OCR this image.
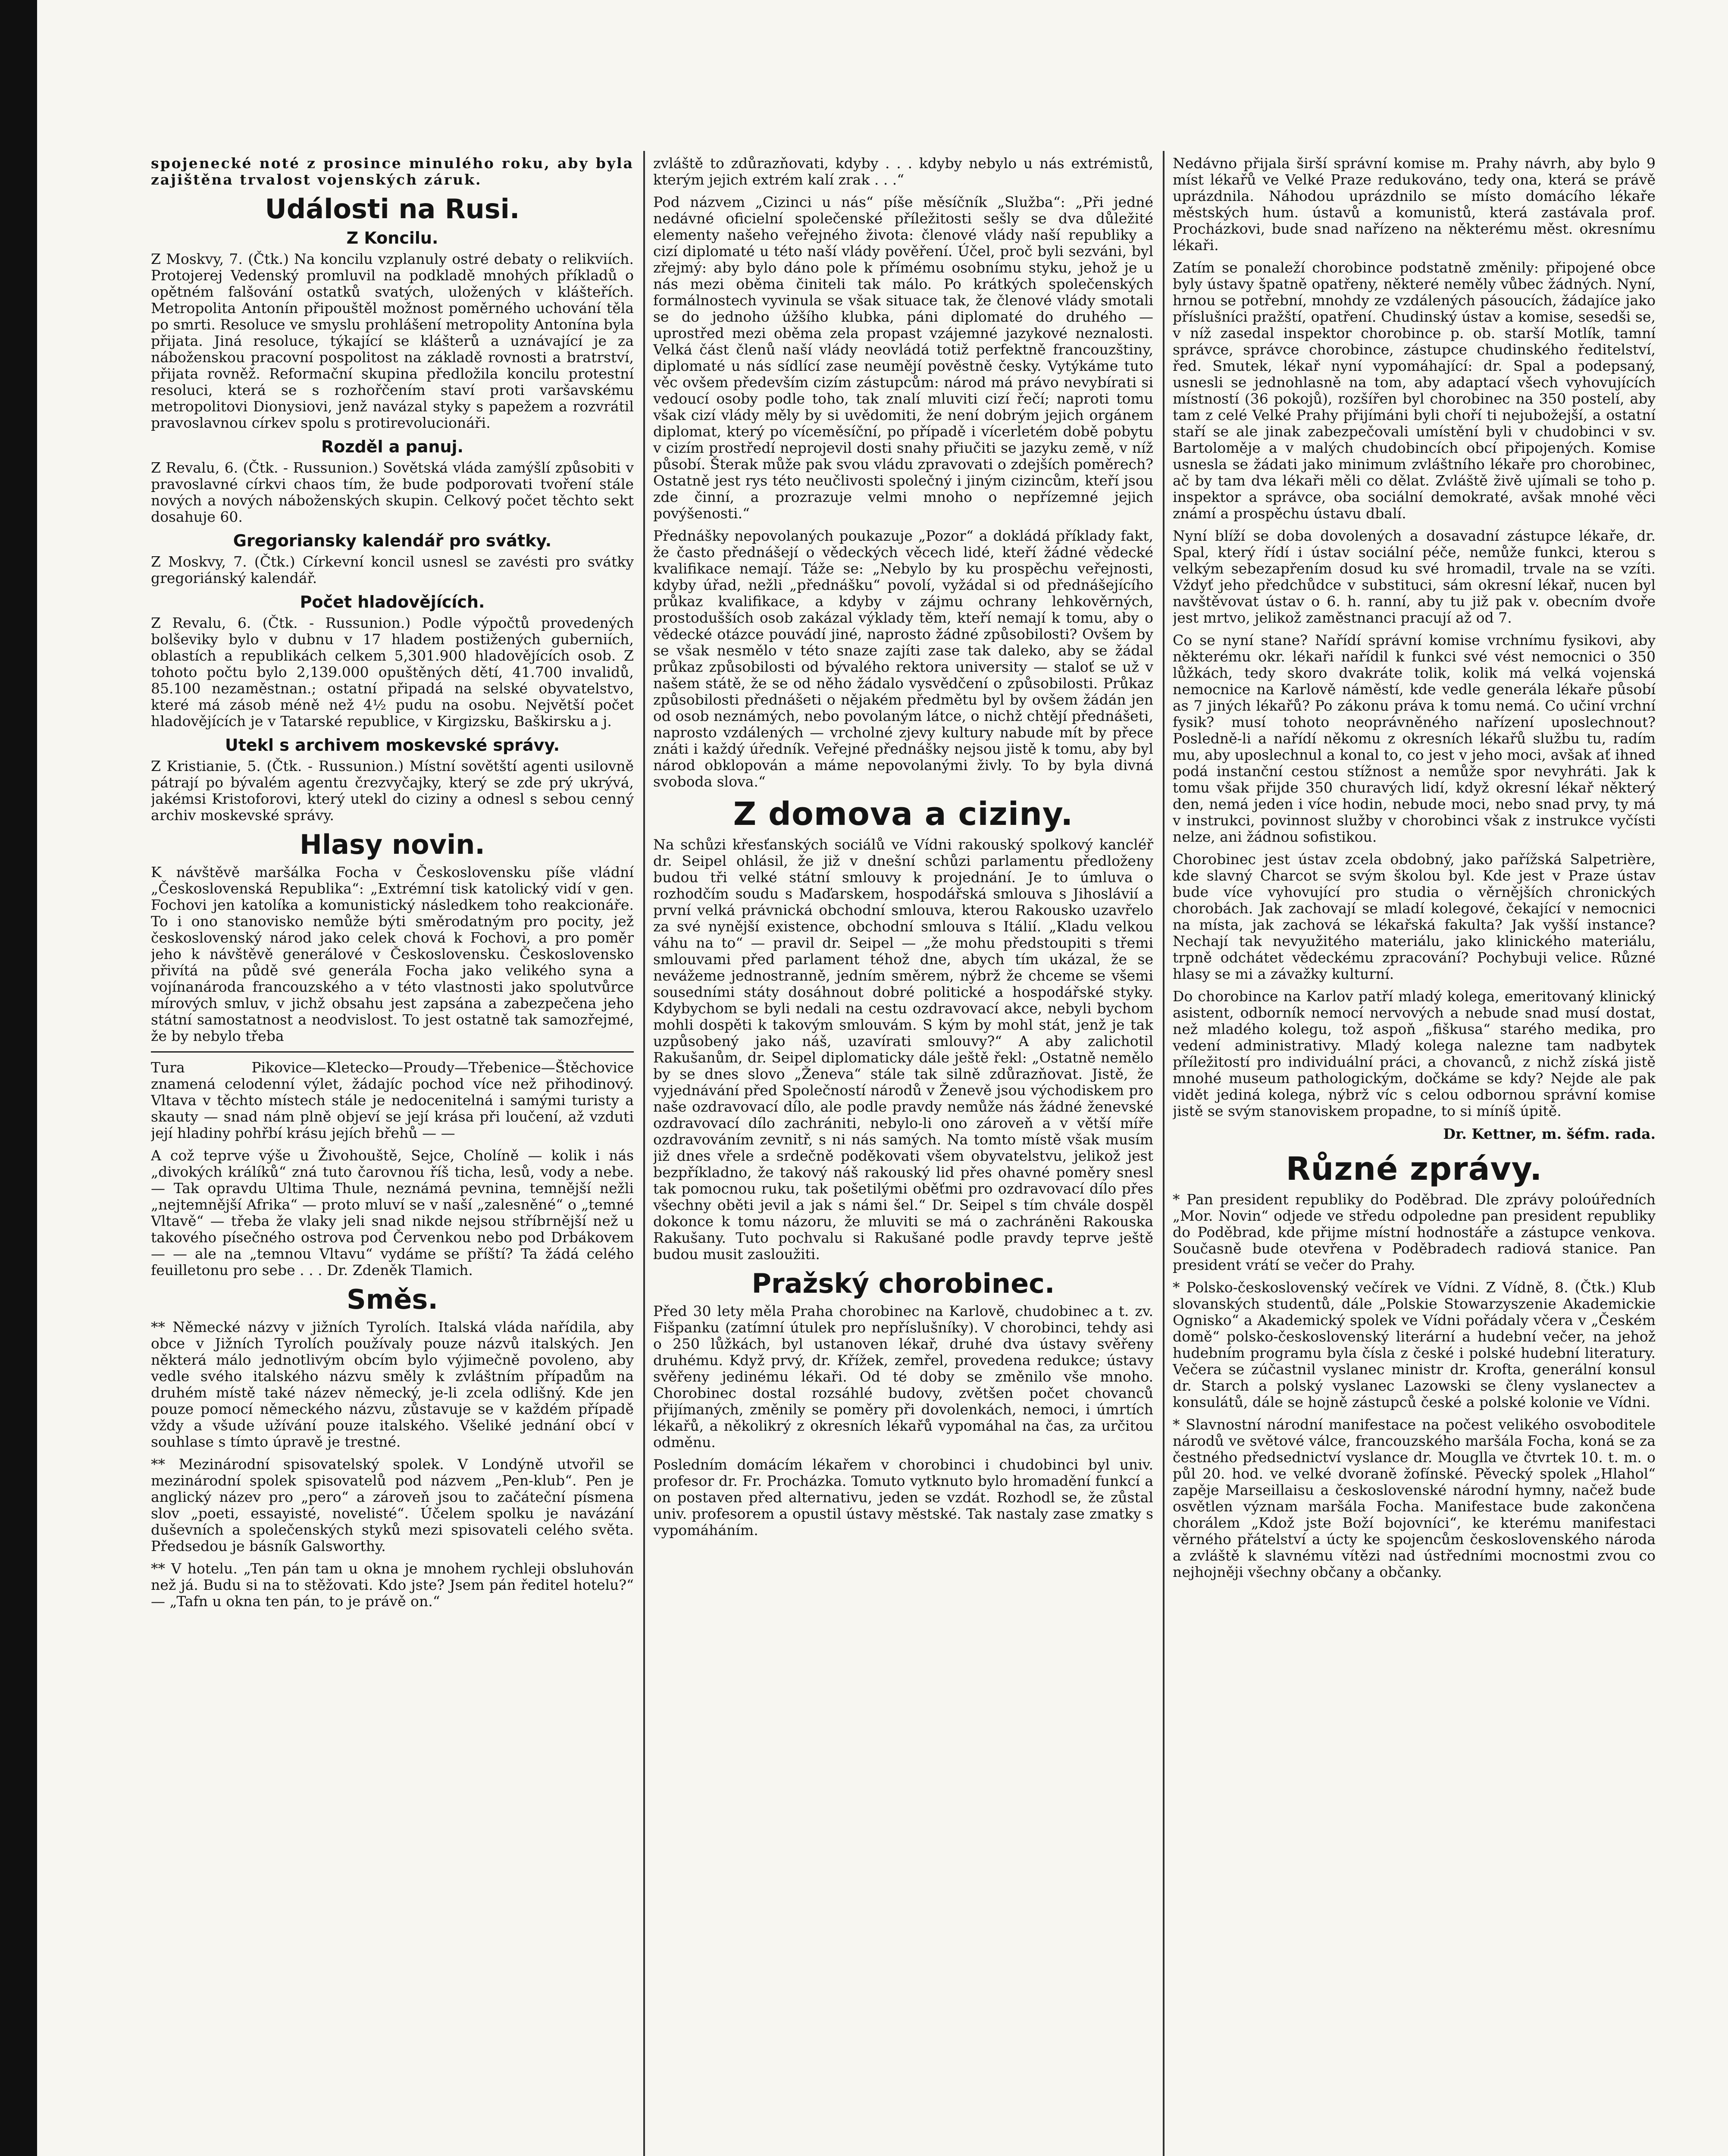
spojenecké noté z prosince minulého roku, aby byla zajištěna trvalost vojenských záruk.

Události na Rusi.
Z Koncilu.

Z Moskvy, 7. (Čtk.) Na koncilu vzplanuly ostré debaty o relikviích. Protojerej Vedenský promluvil na podkladě mnohých příkladů o opětném falšování ostatků svatých, uložených v klášteřích. Metropolita Antonín připouštěl možnost poměrného uchování těla po smrti. Resoluce ve smyslu prohlášení metropolity Antonína byla přijata. Jiná resoluce, týkající se klášterů a uznávající je za náboženskou pracovní pospolitost na základě rovnosti a bratrství, přijata rovněž. Reformační skupina předložila koncilu protestní resoluci, která se s rozhořčením staví proti varšavskému metropolitovi Dionysiovi, jenž navázal styky s papežem a rozvrátil pravoslavnou církev spolu s protirevolucionáři.

Rozděl a panuj.

Z Revalu, 6. (Čtk. - Russunion.) Sovětská vláda zamýšlí způsobiti v pravoslavné církvi chaos tím, že bude podporovati tvoření stále nových a nových náboženských skupin. Celkový počet těchto sekt dosahuje 60.

Gregoriansky kalendář pro svátky.

Z Moskvy, 7. (Čtk.) Církevní koncil usnesl se zavésti pro svátky gregoriánský kalendář.

Počet hladovějících.

Z Revalu, 6. (Čtk. - Russunion.) Podle výpočtů provedených bolševiky bylo v dubnu v 17 hladem postižených guberniích, oblastích a republikách celkem 5,301.900 hladovějících osob. Z tohoto počtu bylo 2,139.000 opuštěných dětí, 41.700 invalidů, 85.100 nezaměstnan.; ostatní připadá na selské obyvatelstvo, které má zásob méně než 4½ pudu na osobu. Největší počet hladovějících je v Tatarské republice, v Kirgizsku, Baškirsku a j.

Utekl s archivem moskevské správy.

Z Kristianie, 5. (Čtk. - Russunion.) Místní sovětští agenti usilovně pátrají po bývalém agentu črezvyčajky, který se zde prý ukrývá, jakémsi Kristoforovi, který utekl do ciziny a odnesl s sebou cenný archiv moskevské správy.

Hlasy novin.

K návštěvě maršálka Focha v Československu píše vládní „Československá Republika“: „Extrémní tisk katolický vidí v gen. Fochovi jen katolíka a komunistický následkem toho reakcionáře. To i ono stanovisko nemůže býti směrodatným pro pocity, jež československý národ jako celek chová k Fochovi, a pro poměr jeho k návštěvě generálové v Československu. Československo přivítá na půdě své generála Focha jako velikého syna a vojínanároda francouzského a v této vlastnosti jako spolutvůrce mírových smluv, v jichž obsahu jest zapsána a zabezpečena jeho státní samostatnost a neodvislost. To jest ostatně tak samozřejmé, že by nebylo třeba

Tura Pikovice—Kletecko—Proudy—Třebenice—Štěchovice znamená celodenní výlet, žádajíc pochod více než přihodinový. Vltava v těchto místech stále je nedocenitelná i samými turisty a skauty — snad nám plně objeví se její krása při loučení, až vzduti její hladiny pohřbí krásu jejích břehů — —

A což teprve výše u Živohouště, Sejce, Cholíně — kolik i nás „divokých králíků“ zná tuto čarovnou říš ticha, lesů, vody a nebe. — Tak opravdu Ultima Thule, neznámá pevnina, temnější nežli „nejtemnější Afrika“ — proto mluví se v naší „zalesněné“ o „temné Vltavě“ — třeba že vlaky jeli snad nikde nejsou stříbrnější než u takového písečného ostrova pod Červenkou nebo pod Drbákovem — — ale na „temnou Vltavu“ vydáme se příští? Ta žádá celého feuilletonu pro sebe . . . Dr. Zdeněk Tlamich.

Směs.

** Německé názvy v jižních Tyrolích. Italská vláda nařídila, aby obce v Jižních Tyrolích používaly pouze názvů italských. Jen některá málo jednotlivým obcím bylo výjimečně povoleno, aby vedle svého italského názvu směly k zvláštním případům na druhém místě také název německý, je-li zcela odlišný. Kde jen pouze pomocí německého názvu, zůstavuje se v každém případě vždy a všude užívání pouze italského. Všeliké jednání obcí v souhlase s tímto úpravě je trestné.

** Mezinárodní spisovatelský spolek. V Londýně utvořil se mezinárodní spolek spisovatelů pod názvem „Pen-klub“. Pen je anglický název pro „pero“ a zároveň jsou to začáteční písmena slov „poeti, essayisté, novelisté“. Účelem spolku je navázání duševních a společenských styků mezi spisovateli celého světa. Předsedou je básník Galsworthy.

** V hotelu. „Ten pán tam u okna je mnohem rychleji obsluhován než já. Budu si na to stěžovati. Kdo jste? Jsem pán ředitel hotelu?“ — „Tafn u okna ten pán, to je právě on.“

zvláště to zdůrazňovati, kdyby . . . kdyby nebylo u nás extrémistů, kterým jejich extrém kalí zrak . . .“

Pod názvem „Cizinci u nás“ píše měsíčník „Služba“: „Při jedné nedávné oficielní společenské příležitosti sešly se dva důležité elementy našeho veřejného života: členové vlády naší republiky a cizí diplomaté u této naší vlády pověření. Účel, proč byli sezváni, byl zřejmý: aby bylo dáno pole k přímému osobnímu styku, jehož je u nás mezi oběma činiteli tak málo. Po krátkých společenských formálnostech vyvinula se však situace tak, že členové vlády smotali se do jednoho úžšího klubka, páni diplomaté do druhého — uprostřed mezi oběma zela propast vzájemné jazykové neznalosti. Velká část členů naší vlády neovládá totiž perfektně francouzštiny, diplomaté u nás sídlící zase neumějí pověstně česky. Vytýkáme tuto věc ovšem především cizím zástupcům: národ má právo nevybírati si vedoucí osoby podle toho, tak znalí mluviti cizí řečí; naproti tomu však cizí vlády měly by si uvědomiti, že není dobrým jejich orgánem diplomat, který po víceměsíční, po případě i vícerletém době pobytu v cizím prostředí neprojevil dosti snahy přiučiti se jazyku země, v níž působí. Šterak může pak svou vládu zpravovati o zdejších poměrech? Ostatně jest rys této neučlivosti společný i jiným cizincům, kteří jsou zde činní, a prozrazuje velmi mnoho o nepřízemné jejich povýšenosti.“

Přednášky nepovolaných poukazuje „Pozor“ a dokládá příklady fakt, že často přednášejí o vědeckých věcech lidé, kteří žádné vědecké kvalifikace nemají. Táže se: „Nebylo by ku prospěchu veřejnosti, kdyby úřad, nežli „přednášku“ povolí, vyžádal si od přednášejícího průkaz kvalifikace, a kdyby v zájmu ochrany lehkověrných, prostodušších osob zakázal výklady těm, kteří nemají k tomu, aby o vědecké otázce pouvádí jiné, naprosto žádné způsobilosti? Ovšem by se však nesmělo v této snaze zajíti zase tak daleko, aby se žádal průkaz způsobilosti od bývalého rektora university — staloť se už v našem státě, že se od něho žádalo vysvědčení o způsobilosti. Průkaz způsobilosti přednášeti o nějakém předmětu byl by ovšem žádán jen od osob neznámých, nebo povolaným látce, o nichž chtějí přednášeti, naprosto vzdálených — vrcholné zjevy kultury nabude mít by přece znáti i každý úředník. Veřejné přednášky nejsou jistě k tomu, aby byl národ obklopován a máme nepovolanými živly. To by byla divná svoboda slova.“

Z domova a ciziny.

Na schůzi křesťanských sociálů ve Vídni rakouský spolkový kancléř dr. Seipel ohlásil, že již v dnešní schůzi parlamentu předloženy budou tři velké státní smlouvy k projednání. Je to úmluva o rozhodčím soudu s Maďarskem, hospodářská smlouva s Jihoslávií a první velká právnická obchodní smlouva, kterou Rakousko uzavřelo za své nynější existence, obchodní smlouva s Itálií. „Kladu velkou váhu na to“ — pravil dr. Seipel — „že mohu předstoupiti s třemi smlouvami před parlament téhož dne, abych tím ukázal, že se nevážeme jednostranně, jedním směrem, nýbrž že chceme se všemi sousedními státy dosáhnout dobré politické a hospodářské styky. Kdybychom se byli nedali na cestu ozdravovací akce, nebyli bychom mohli dospěti k takovým smlouvám. S kým by mohl stát, jenž je tak uzpůsobený jako náš, uzavírati smlouvy?“ A aby zalichotil Rakušanům, dr. Seipel diplomaticky dále ještě řekl: „Ostatně nemělo by se dnes slovo „Ženeva“ stále tak silně zdůrazňovat. Jistě, že vyjednávání před Společností národů v Ženevě jsou východiskem pro naše ozdravovací dílo, ale podle pravdy nemůže nás žádné ženevské ozdravovací dílo zachrániti, nebylo-li ono zároveň a v větší míře ozdravováním zevnitř, s ni nás samých. Na tomto místě však musím již dnes vřele a srdečně poděkovati všem obyvatelstvu, jelikož jest bezpříkladno, že takový náš rakouský lid přes ohavné poměry snesl tak pomocnou ruku, tak pošetilými oběťmi pro ozdravovací dílo přes všechny oběti jevil a jak s námi šel.“ Dr. Seipel s tím chvále dospěl dokonce k tomu názoru, že mluviti se má o zachráněni Rakouska Rakušany. Tuto pochvalu si Rakušané podle pravdy teprve ještě budou musit zasloužiti.

Pražský chorobinec.

Před 30 lety měla Praha chorobinec na Karlově, chudobinec a t. zv. Fišpanku (zatímní útulek pro nepříslušníky). V chorobinci, tehdy asi o 250 lůžkách, byl ustanoven lékař, druhé dva ústavy svěřeny druhému. Když prvý, dr. Křížek, zemřel, provedena redukce; ústavy svěřeny jedinému lékaři. Od té doby se změnilo vše mnoho. Chorobinec dostal rozsáhlé budovy, zvětšen počet chovanců přijímaných, změnily se poměry při dovolenkách, nemoci, i úmrtích lékařů, a několikrý z okresních lékařů vypomáhal na čas, za určitou odměnu.

Posledním domácím lékařem v chorobinci i chudobinci byl univ. profesor dr. Fr. Procházka. Tomuto vytknuto bylo hromadění funkcí a on postaven před alternativu, jeden se vzdát. Rozhodl se, že zůstal univ. profesorem a opustil ústavy městské. Tak nastaly zase zmatky s vypomáháním.

Nedávno přijala širší správní komise m. Prahy návrh, aby bylo 9 míst lékařů ve Velké Praze redukováno, tedy ona, která se právě uprázdnila. Náhodou uprázdnilo se místo domácího lékaře městských hum. ústavů a komunistů, která zastávala prof. Procházkovi, bude snad nařízeno na některému měst. okresnímu lékaři.

Zatím se ponaleží chorobince podstatně změnily: připojené obce byly ústavy špatně opatřeny, některé neměly vůbec žádných. Nyní, hrnou se potřební, mnohdy ze vzdálených pásoucích, žádajíce jako příslušníci pražští, opatření. Chudinský ústav a komise, sesedši se, v níž zasedal inspektor chorobince p. ob. starší Motlík, tamní správce, správce chorobince, zástupce chudinského ředitelství, řed. Smutek, lékař nyní vypomáhající: dr. Spal a podepsaný, usnesli se jednohlasně na tom, aby adaptací všech vyhovujících místností (36 pokojů), rozšířen byl chorobinec na 350 postelí, aby tam z celé Velké Prahy přijímáni byli choří ti nejubožejší, a ostatní staří se ale jinak zabezpečovali umístění byli v chudobinci v sv. Bartoloměje a v malých chudobincích obcí připojených. Komise usnesla se žádati jako minimum zvláštního lékaře pro chorobinec, ač by tam dva lékaři měli co dělat. Zvláště živě ujímali se toho p. inspektor a správce, oba sociální demokraté, avšak mnohé věci známí a prospěchu ústavu dbalí.

Nyní blíží se doba dovolených a dosavadní zástupce lékaře, dr. Spal, který řídí i ústav sociální péče, nemůže funkci, kterou s velkým sebezapřením dosud ku své hromadil, trvale na se vzíti. Vždyť jeho předchůdce v substituci, sám okresní lékař, nucen byl navštěvovat ústav o 6. h. ranní, aby tu již pak v. obecním dvoře jest mrtvo, jelikož zaměstnanci pracují až od 7.

Co se nyní stane? Nařídí správní komise vrchnímu fysikovi, aby některému okr. lékaři nařídil k funkci své vést nemocnici o 350 lůžkách, tedy skoro dvakráte tolik, kolik má velká vojenská nemocnice na Karlově náměstí, kde vedle generála lékaře působí as 7 jiných lékařů? Po zákonu práva k tomu nemá. Co učiní vrchní fysik? musí tohoto neoprávněného nařízení uposlechnout? Posledně-li a nařídí někomu z okresních lékařů službu tu, radím mu, aby uposlechnul a konal to, co jest v jeho moci, avšak ať ihned podá instanční cestou stížnost a nemůže spor nevyhráti. Jak k tomu však přijde 350 churavých lidí, když okresní lékař některý den, nemá jeden i více hodin, nebude moci, nebo snad prvy, ty má v instrukci, povinnost služby v chorobinci však z instrukce vyčísti nelze, ani žádnou sofistikou.

Chorobinec jest ústav zcela obdobný, jako pařížská Salpetrière, kde slavný Charcot se svým školou byl. Kde jest v Praze ústav bude více vyhovující pro studia o věrnějších chronických chorobách. Jak zachovají se mladí kolegové, čekající v nemocnici na místa, jak zachová se lékařská fakulta? Jak vyšší instance? Nechají tak nevyužitého materiálu, jako klinického materiálu, trpně odchátet vědeckému zpracování? Pochybuji velice. Různé hlasy se mi a závažky kulturní.

Do chorobince na Karlov patří mladý kolega, emeritovaný klinický asistent, odborník nemocí nervových a nebude snad musí dostat, než mladého kolegu, tož aspoň „fiškusa“ starého medika, pro vedení administrativy. Mladý kolega nalezne tam nadbytek příležitostí pro individuální práci, a chovanců, z nichž získá jistě mnohé museum pathologickým, dočkáme se kdy? Nejde ale pak vidět jediná kolega, nýbrž víc s celou odbornou správní komise jistě se svým stanoviskem propadne, to si míníš úpitě.

Dr. Kettner, m. šéfm. rada.
Různé zprávy.

* Pan president republiky do Poděbrad. Dle zprávy poloúředních „Mor. Novin“ odjede ve středu odpoledne pan president republiky do Poděbrad, kde přijme místní hodnostáře a zástupce venkova. Současně bude otevřena v Poděbradech radiová stanice. Pan president vrátí se večer do Prahy.

* Polsko-československý večírek ve Vídni. Z Vídně, 8. (Čtk.) Klub slovanských studentů, dále „Polskie Stowarzyszenie Akademickie Ognisko“ a Akademický spolek ve Vídni pořádaly včera v „Českém domě“ polsko-československý literární a hudební večer, na jehož hudebním programu byla čísla z české i polské hudební literatury. Večera se zúčastnil vyslanec ministr dr. Krofta, generální konsul dr. Starch a polský vyslanec Lazowski se členy vyslanectev a konsulátů, dále se hojně zástupců české a polské kolonie ve Vídni.

* Slavnostní národní manifestace na počest velikého osvoboditele národů ve světové válce, francouzského maršála Focha, koná se za čestného předsednictví vyslance dr. Mouglla ve čtvrtek 10. t. m. o půl 20. hod. ve velké dvoraně žofínské. Pěvecký spolek „Hlahol“ zapěje Marseillaisu a československé národní hymny, načež bude osvětlen význam maršála Focha. Manifestace bude zakončena chorálem „Kdož jste Boží bojovníci“, ke kterému manifestaci věrného přátelství a úcty ke spojencům československého národa a zvláště k slavnému vítězi nad ústředními mocnostmi zvou co nejhojněji všechny občany a občanky.
